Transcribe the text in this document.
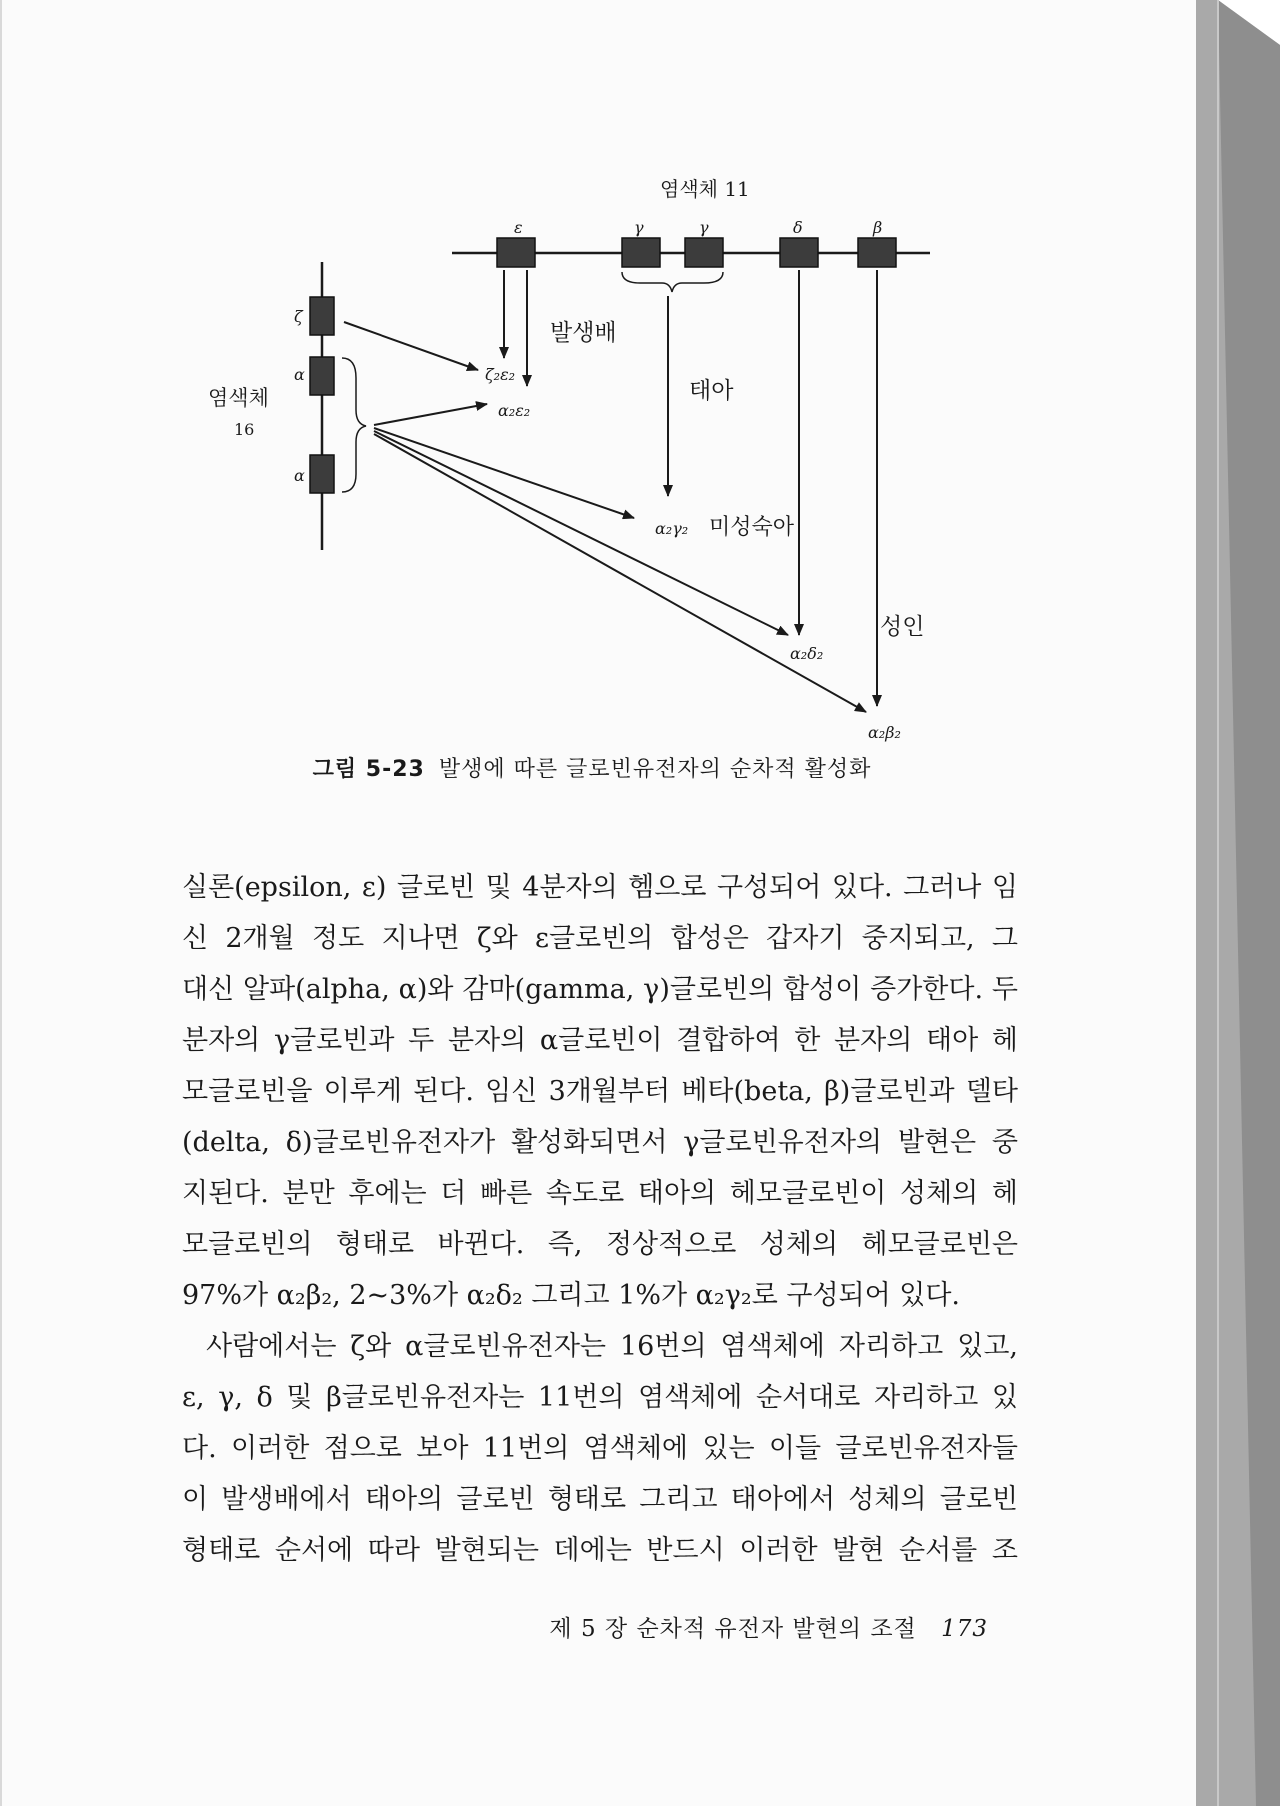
염색체 11
ε	γ	γ	δ	β
ζ
α
α
염색체
16
ζ₂ε₂
α₂ε₂
α₂γ₂
α₂δ₂
α₂β₂
발생배
태아
미성숙아
성인
그림 5-23 발생에 따른 글로빈유전자의 순차적 활성화
실론(epsilon, ε) 글로빈 및 4분자의 헴으로 구성되어 있다. 그러나 임
신 2개월 정도 지나면 ζ와 ε글로빈의 합성은 갑자기 중지되고, 그
대신 알파(alpha, α)와 감마(gamma, γ)글로빈의 합성이 증가한다. 두
분자의 γ글로빈과 두 분자의 α글로빈이 결합하여 한 분자의 태아 헤
모글로빈을 이루게 된다. 임신 3개월부터 베타(beta, β)글로빈과 델타
(delta, δ)글로빈유전자가 활성화되면서 γ글로빈유전자의 발현은 중
지된다. 분만 후에는 더 빠른 속도로 태아의 헤모글로빈이 성체의 헤
모글로빈의 형태로 바뀐다. 즉, 정상적으로 성체의 헤모글로빈은
97%가 α₂β₂, 2~3%가 α₂δ₂ 그리고 1%가 α₂γ₂로 구성되어 있다.
사람에서는 ζ와 α글로빈유전자는 16번의 염색체에 자리하고 있고,
ε, γ, δ 및 β글로빈유전자는 11번의 염색체에 순서대로 자리하고 있
다. 이러한 점으로 보아 11번의 염색체에 있는 이들 글로빈유전자들
이 발생배에서 태아의 글로빈 형태로 그리고 태아에서 성체의 글로빈
형태로 순서에 따라 발현되는 데에는 반드시 이러한 발현 순서를 조
제 5 장 순차적 유전자 발현의 조절 173
